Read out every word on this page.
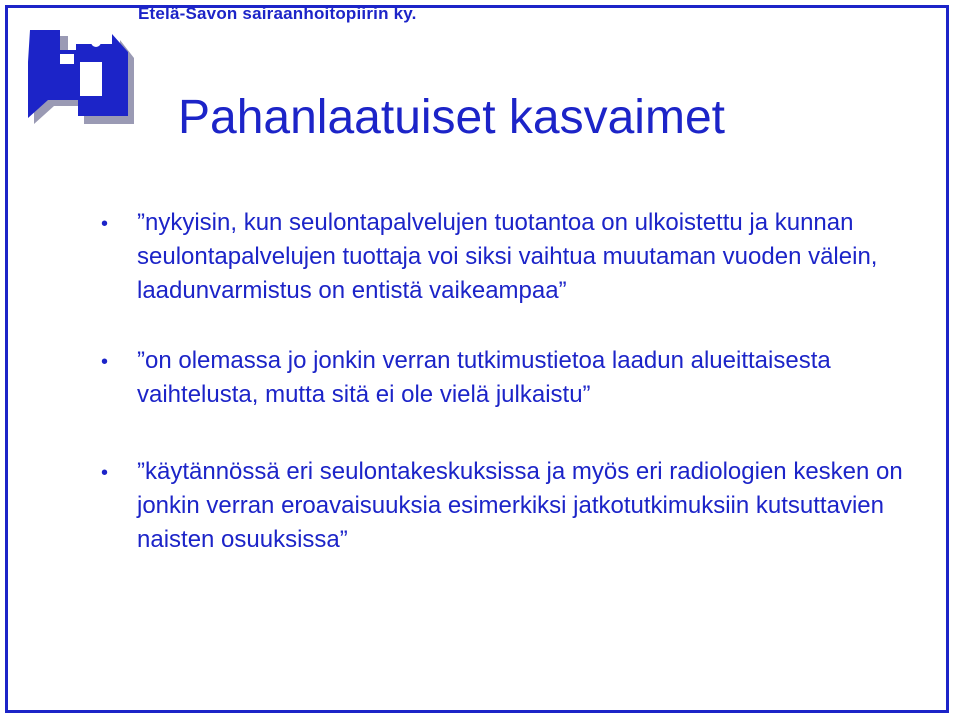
Etelä-Savon sairaanhoitopiirin ky.
Pahanlaatuiset kasvaimet
• ”nykyisin, kun seulontapalvelujen tuotantoa on ulkoistettu ja kunnan seulontapalvelujen tuottaja voi siksi vaihtua muutaman vuoden välein, laadunvarmistus on entistä vaikeampaa”
• ”on olemassa jo jonkin verran tutkimustietoa laadun alueittaisesta vaihtelusta, mutta sitä ei ole vielä julkaistu”
• ”käytännössä eri seulontakeskuksissa ja myös eri radiologien kesken on jonkin verran eroavaisuuksia esimerkiksi jatkotutkimuksiin kutsuttavien naisten osuuksissa”
